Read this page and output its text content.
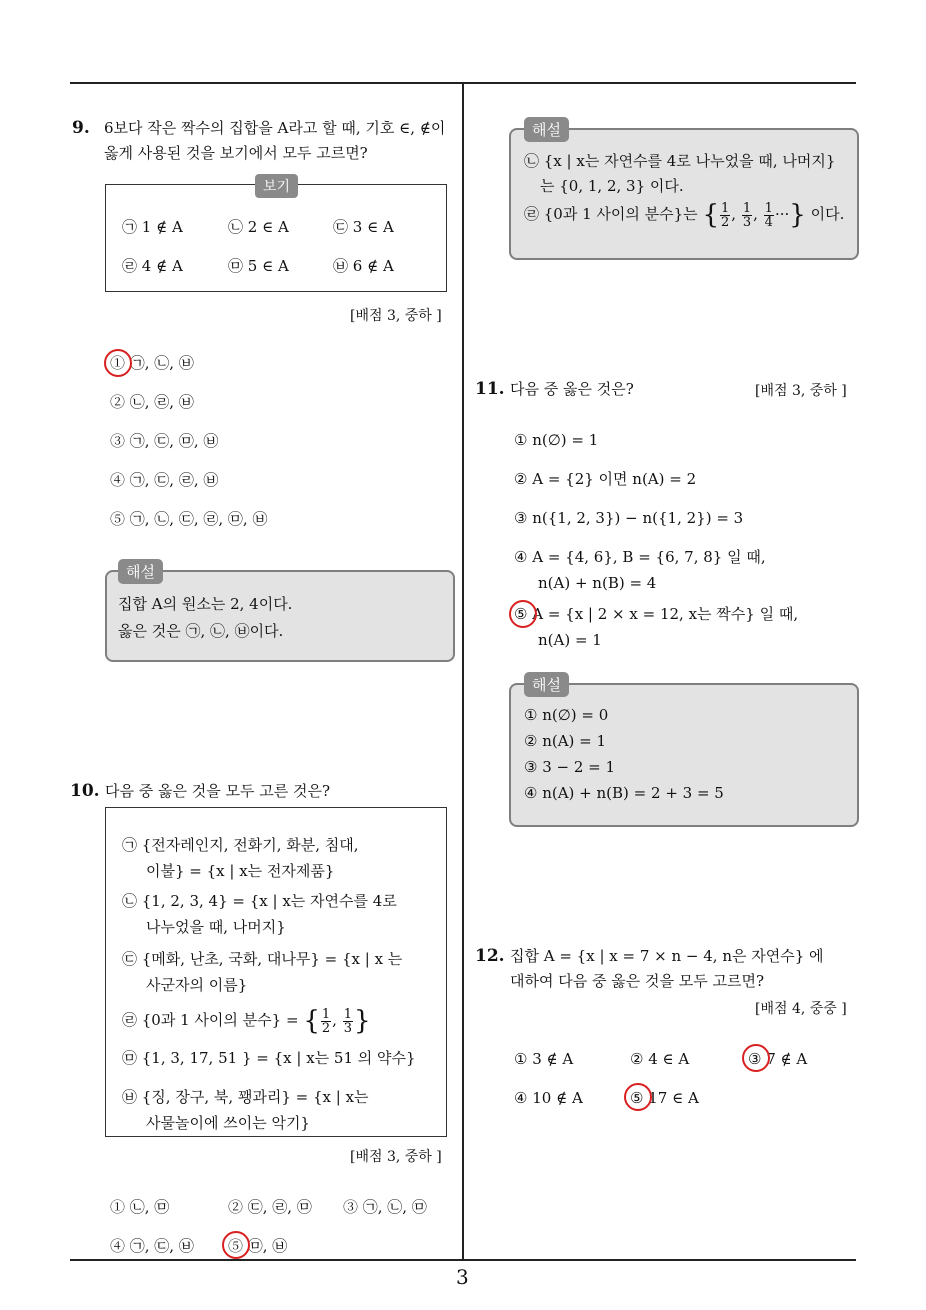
3
9. 6보다 작은 짝수의 집합을 A라고 할 때, 기호 ∈, ∉이
옳게 사용된 것을 보기에서 모두 고르면?
보기
㉠ 1 ∉ A	㉡ 2 ∈ A	㉢ 3 ∈ A
㉣ 4 ∉ A	㉤ 5 ∈ A	㉥ 6 ∉ A
[배점 3, 중하 ]
① ㉠, ㉡, ㉥
② ㉡, ㉣, ㉥
③ ㉠, ㉢, ㉤, ㉥
④ ㉠, ㉢, ㉣, ㉥
⑤ ㉠, ㉡, ㉢, ㉣, ㉤, ㉥
해설
집합 A의 원소는 2, 4이다.
옳은 것은 ㉠, ㉡, ㉥이다.
10. 다음 중 옳은 것을 모두 고른 것은?
㉠ {전자레인지, 전화기, 화분, 침대,
이불} = {x | x는 전자제품}
㉡ {1, 2, 3, 4} = {x | x는 자연수를 4로
나누었을 때, 나머지}
㉢ {메화, 난초, 국화, 대나무} = {x | x 는
사군자의 이름}
㉣ {0과 1 사이의 분수} = { $\frac{1}{2}$ , $\frac{1}{3}$ }
㉤ {1, 3, 17, 51 } = {x | x는 51 의 약수}
㉥ {징, 장구, 북, 꽹과리} = {x | x는
사물놀이에 쓰이는 악기}
[배점 3, 중하 ]
① ㉡, ㉤	② ㉢, ㉣, ㉤ ③ ㉠, ㉡, ㉤
④ ㉠, ㉢, ㉥ ⑤ ㉤, ㉥
해설
㉡ {x | x는 자연수를 4로 나누었을 때, 나머지}
는 {0, 1, 2, 3} 이다.
㉣ {0과 1 사이의 분수}는 { $\frac{1}{2}$ , $\frac{1}{3}$ , $\frac{1}{4}$ ···} 이다.
11. 다음 중 옳은 것은?	[배점 3, 중하 ]
① n(∅) = 1
② A = {2} 이면 n(A) = 2
③ n({1, 2, 3}) − n({1, 2}) = 3
④ A = {4, 6}, B = {6, 7, 8} 일 때,
n(A) + n(B) = 4
⑤ A = {x | 2 × x = 12, x는 짝수} 일 때,
n(A) = 1
해설
① n(∅) = 0
② n(A) = 1
③ 3 − 2 = 1
④ n(A) + n(B) = 2 + 3 = 5
12. 집합 A = {x | x = 7 × n − 4, n은 자연수} 에
대하여 다음 중 옳은 것을 모두 고르면?
[배점 4, 중중 ]
① 3 ∉ A	② 4 ∈ A	③ 7 ∉ A
④ 10 ∉ A	⑤ 17 ∈ A
